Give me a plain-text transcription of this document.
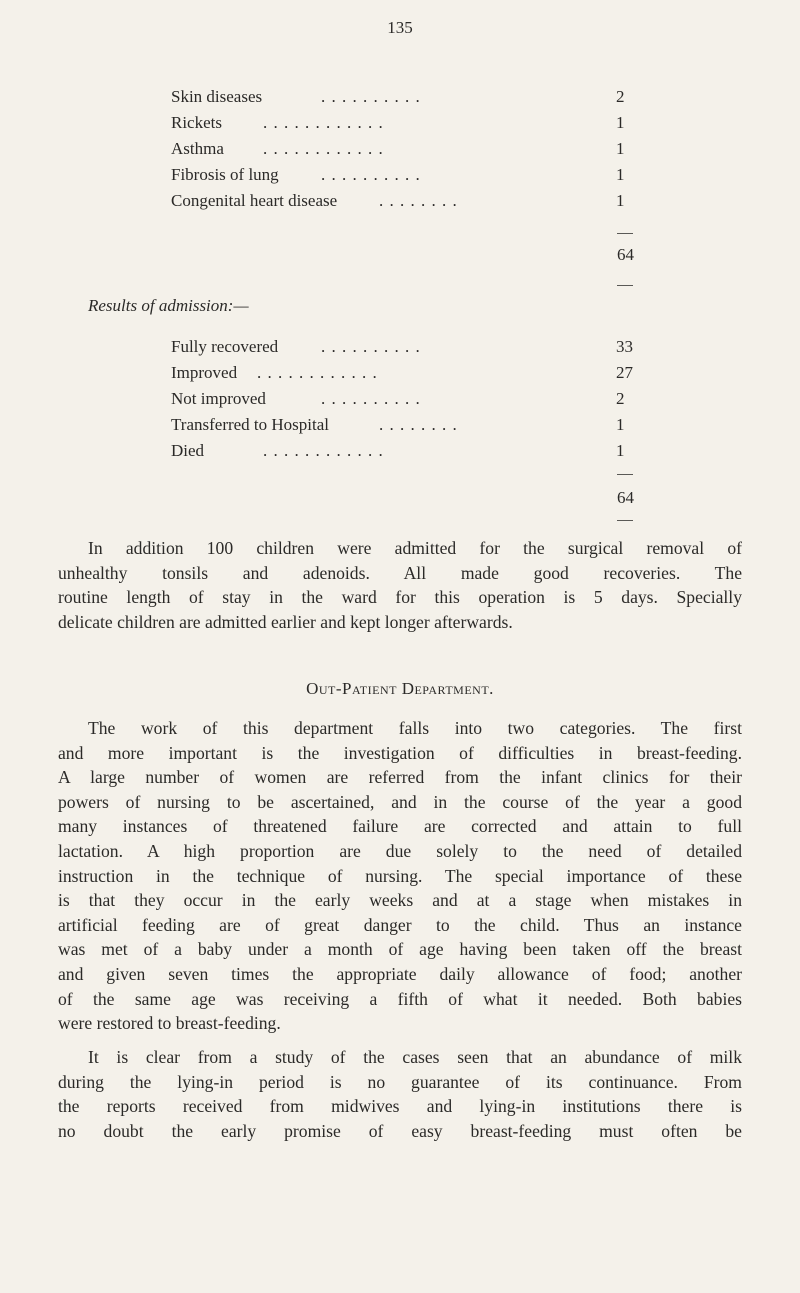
135
Skin diseases	. . . . . . . . . .	2
Rickets . . . . . . . . . . . .	1
Asthma . . . . . . . . . . . .	1
Fibrosis of lung . . . . . . . . . .	1
Congenital heart disease . . . . . . . .	1
64
Results of admission:—
Fully recovered	. . . . . . . . . .	33
Improved . . . . . . . . . . . .	27
Not improved	. . . . . . . . . .	2
Transferred to Hospital	. . . . . . . .	1
Died	. . . . . . . . . . . .	1
64
In addition 100 children were admitted for the surgical removal of
unhealthy tonsils and adenoids. All made good recoveries. The
routine length of stay in the ward for this operation is 5 days. Specially
delicate children are admitted earlier and kept longer afterwards.
Out-Patient Department.
The work of this department falls into two categories. The first
and more important is the investigation of difficulties in breast-feeding.
A large number of women are referred from the infant clinics for their
powers of nursing to be ascertained, and in the course of the year a good
many instances of threatened failure are corrected and attain to full
lactation. A high proportion are due solely to the need of detailed
instruction in the technique of nursing. The special importance of these
is that they occur in the early weeks and at a stage when mistakes in
artificial feeding are of great danger to the child. Thus an instance
was met of a baby under a month of age having been taken off the breast
and given seven times the appropriate daily allowance of food; another
of the same age was receiving a fifth of what it needed. Both babies
were restored to breast-feeding.
It is clear from a study of the cases seen that an abundance of milk
during the lying-in period is no guarantee of its continuance. From
the reports received from midwives and lying-in institutions there is
no doubt the early promise of easy breast-feeding must often be
